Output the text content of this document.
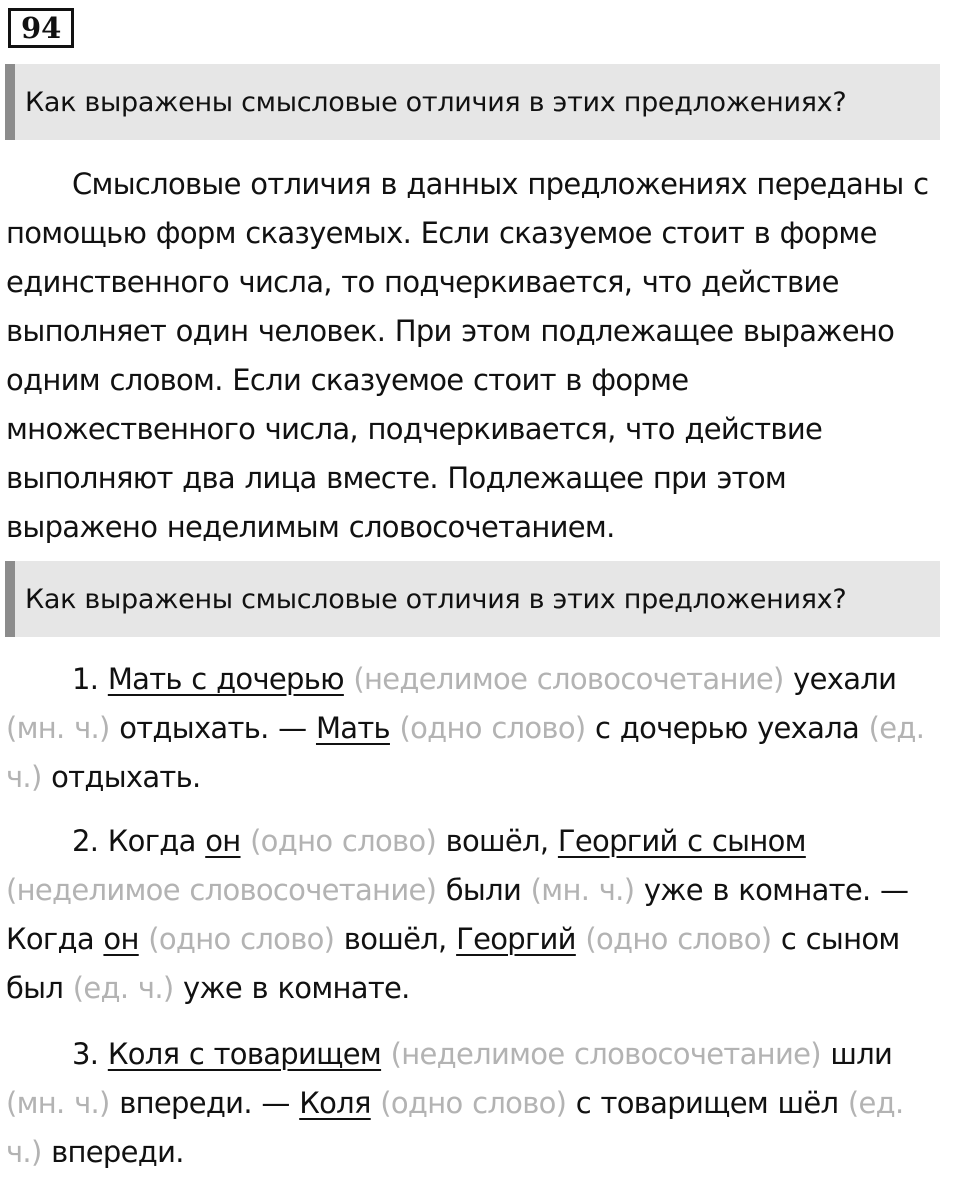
94
Как выражены смысловые отличия в этих предложениях?

Смысловые отличия в данных предложениях переданы с помощью форм сказуемых. Если сказуемое стоит в форме единственного числа, то подчеркивается, что действие выполняет один человек. При этом подлежащее выражено одним словом. Если сказуемое стоит в форме множественного числа, подчеркивается, что действие выполняют два лица вместе. Подлежащее при этом выражено неделимым словосочетанием.

Как выражены смысловые отличия в этих предложениях?

1. Мать с дочерью (неделимое словосочетание) уехали (мн. ч.) отдыхать. — Мать (одно слово) с дочерью уехала (ед. ч.) отдыхать.

2. Когда он (одно слово) вошёл, Георгий с сыном (неделимое словосочетание) были (мн. ч.) уже в комнате. — Когда он (одно слово) вошёл, Георгий (одно слово) с сыном был (ед. ч.) уже в комнате.

3. Коля с товарищем (неделимое словосочетание) шли (мн. ч.) впереди. — Коля (одно слово) с товарищем шёл (ед. ч.) впереди.
